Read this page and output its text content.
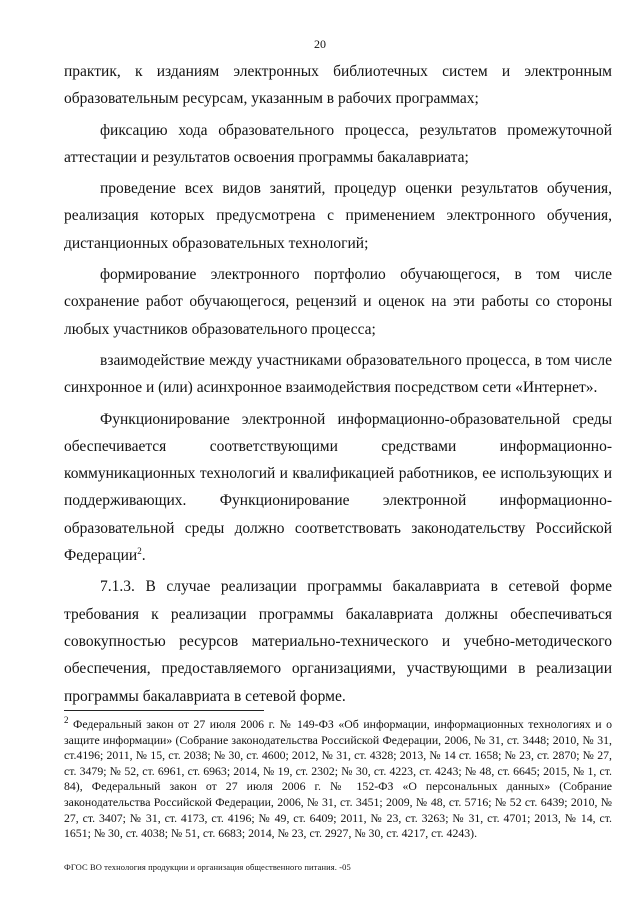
20

практик, к изданиям электронных библиотечных систем и электронным образовательным ресурсам, указанным в рабочих программах;

фиксацию хода образовательного процесса, результатов промежуточной аттестации и результатов освоения программы бакалавриата;

проведение всех видов занятий, процедур оценки результатов обучения, реализация которых предусмотрена с применением электронного обучения, дистанционных образовательных технологий;

формирование электронного портфолио обучающегося, в том числе сохранение работ обучающегося, рецензий и оценок на эти работы со стороны любых участников образовательного процесса;

взаимодействие между участниками образовательного процесса, в том числе синхронное и (или) асинхронное взаимодействия посредством сети «Интернет».

Функционирование электронной информационно-образовательной среды обеспечивается соответствующими средствами информационно-коммуникационных технологий и квалификацией работников, ее использующих и поддерживающих. Функционирование электронной информационно-образовательной среды должно соответствовать законодательству Российской Федерации$^2$.

7.1.3. В случае реализации программы бакалавриата в сетевой форме требования к реализации программы бакалавриата должны обеспечиваться совокупностью ресурсов материально-технического и учебно-методического обеспечения, предоставляемого организациями, участвующими в реализации программы бакалавриата в сетевой форме.

$^2$ Федеральный закон от 27 июля 2006 г. № 149-ФЗ «Об информации, информационных технологиях и о защите информации» (Собрание законодательства Российской Федерации, 2006, № 31, ст. 3448; 2010, № 31, ст.4196; 2011, № 15, ст. 2038; № 30, ст. 4600; 2012, № 31, ст. 4328; 2013, № 14 ст. 1658; № 23, ст. 2870; № 27, ст. 3479; № 52, ст. 6961, ст. 6963; 2014, № 19, ст. 2302; № 30, ст. 4223, ст. 4243; № 48, ст. 6645; 2015, № 1, ст. 84), Федеральный закон от 27 июля 2006 г. № 152-ФЗ «О персональных данных» (Собрание законодательства Российской Федерации, 2006, № 31, ст. 3451; 2009, № 48, ст. 5716; № 52 ст. 6439; 2010, № 27, ст. 3407; № 31, ст. 4173, ст. 4196; № 49, ст. 6409; 2011, № 23, ст. 3263; № 31, ст. 4701; 2013, № 14, ст. 1651; № 30, ст. 4038; № 51, ст. 6683; 2014, № 23, ст. 2927, № 30, ст. 4217, ст. 4243).

ФГОС ВО технология продукции и организация общественного питания. -05
